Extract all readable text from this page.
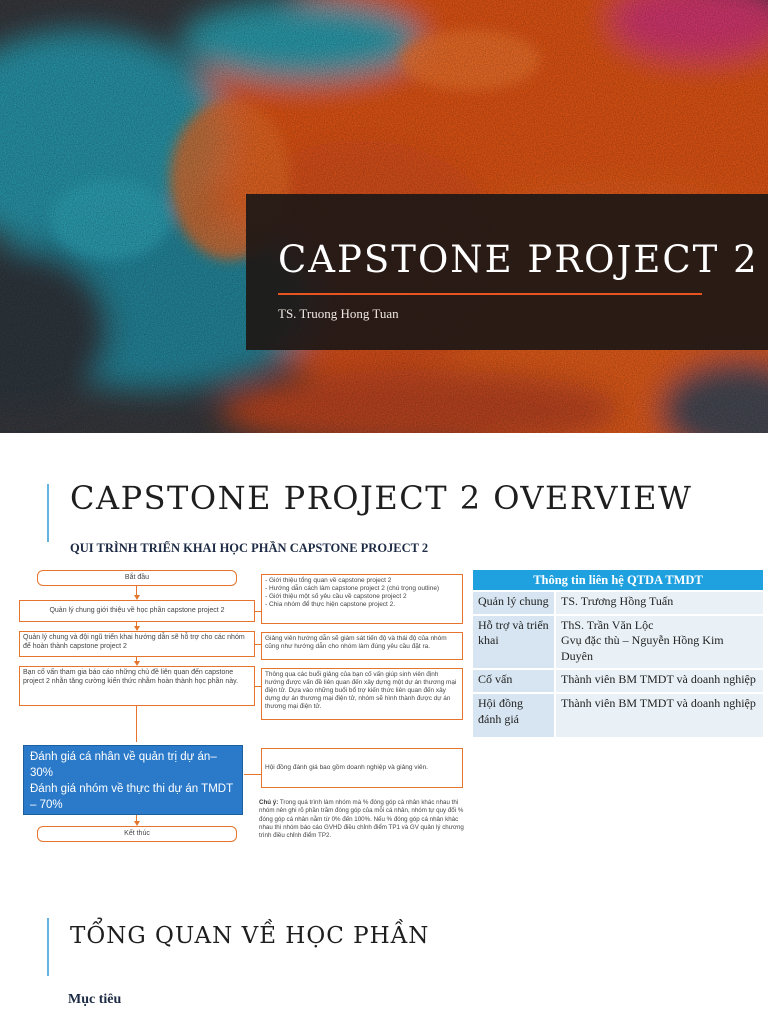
CAPSTONE PROJECT 2
TS. Truong Hong Tuan
CAPSTONE PROJECT 2 OVERVIEW
QUI TRÌNH TRIỂN KHAI HỌC PHẦN CAPSTONE PROJECT 2
Bắt đầu
Quản lý chung giới thiệu về học phần capstone project 2
Quản lý chung và đội ngũ triển khai hướng dẫn sẽ hỗ trợ cho các nhóm để hoàn thành capstone project 2
Bạn cố vấn tham gia báo cáo những chủ đề liên quan đến capstone project 2 nhằn tăng cường kiến thức nhằm hoàn thành học phần này.
Kết thúc
- Giới thiệu tổng quan về capstone project 2
- Hướng dẫn cách làm capstone project 2 (chú trọng outline)
- Giới thiệu một số yêu cầu về capstone project 2
- Chia nhóm để thực hiện capstone project 2.
Giảng viên hướng dẫn sẽ giám sát tiến độ và thái độ của nhóm cũng như hướng dẫn cho nhóm làm đúng yêu cầu đặt ra.
Thông qua các buổi giảng của bạn cố vấn giúp sinh viên định hướng được vấn đề liên quan đến xây dựng một dự án thương mại điện tử. Dựa vào những buổi bổ trợ kiến thức liên quan đến xây dựng dự án thương mại điện tử, nhóm sẽ hình thành được dự án thương mại điện tử.
Hội đồng đánh giá bao gồm doanh nghiệp và giảng viên.
Đánh giá cá nhân về quản trị dự án– 30%
Đánh giá nhóm về thực thi dự án TMDT – 70%	Chú ý: Trong quá trình làm nhóm mà % đóng góp cá nhân khác nhau thì nhóm nên ghi rõ phần trăm đóng góp của mỗi cá nhân, nhóm tự quy đổi % đóng góp cá nhân nằm từ 0% đến 100%. Nếu % đóng góp cá nhân khác nhau thì nhóm báo cáo GVHD điều chỉnh điểm TP1 và GV quản lý chương trình điều chỉnh điểm TP2.
Thông tin liên hệ QTDA TMDT	
Quản lý chung	TS. Trương Hồng Tuấn
Hỗ trợ và triển khai	ThS. Trần Văn Lộc
Gvụ đặc thù – Nguyễn Hồng Kim Duyên

Cố vấn	Thành viên BM TMDT và doanh nghiệp
Hội đồng đánh giá	Thành viên BM TMDT và doanh nghiệp
TỔNG QUAN VỀ HỌC PHẦN
Mục tiêu
